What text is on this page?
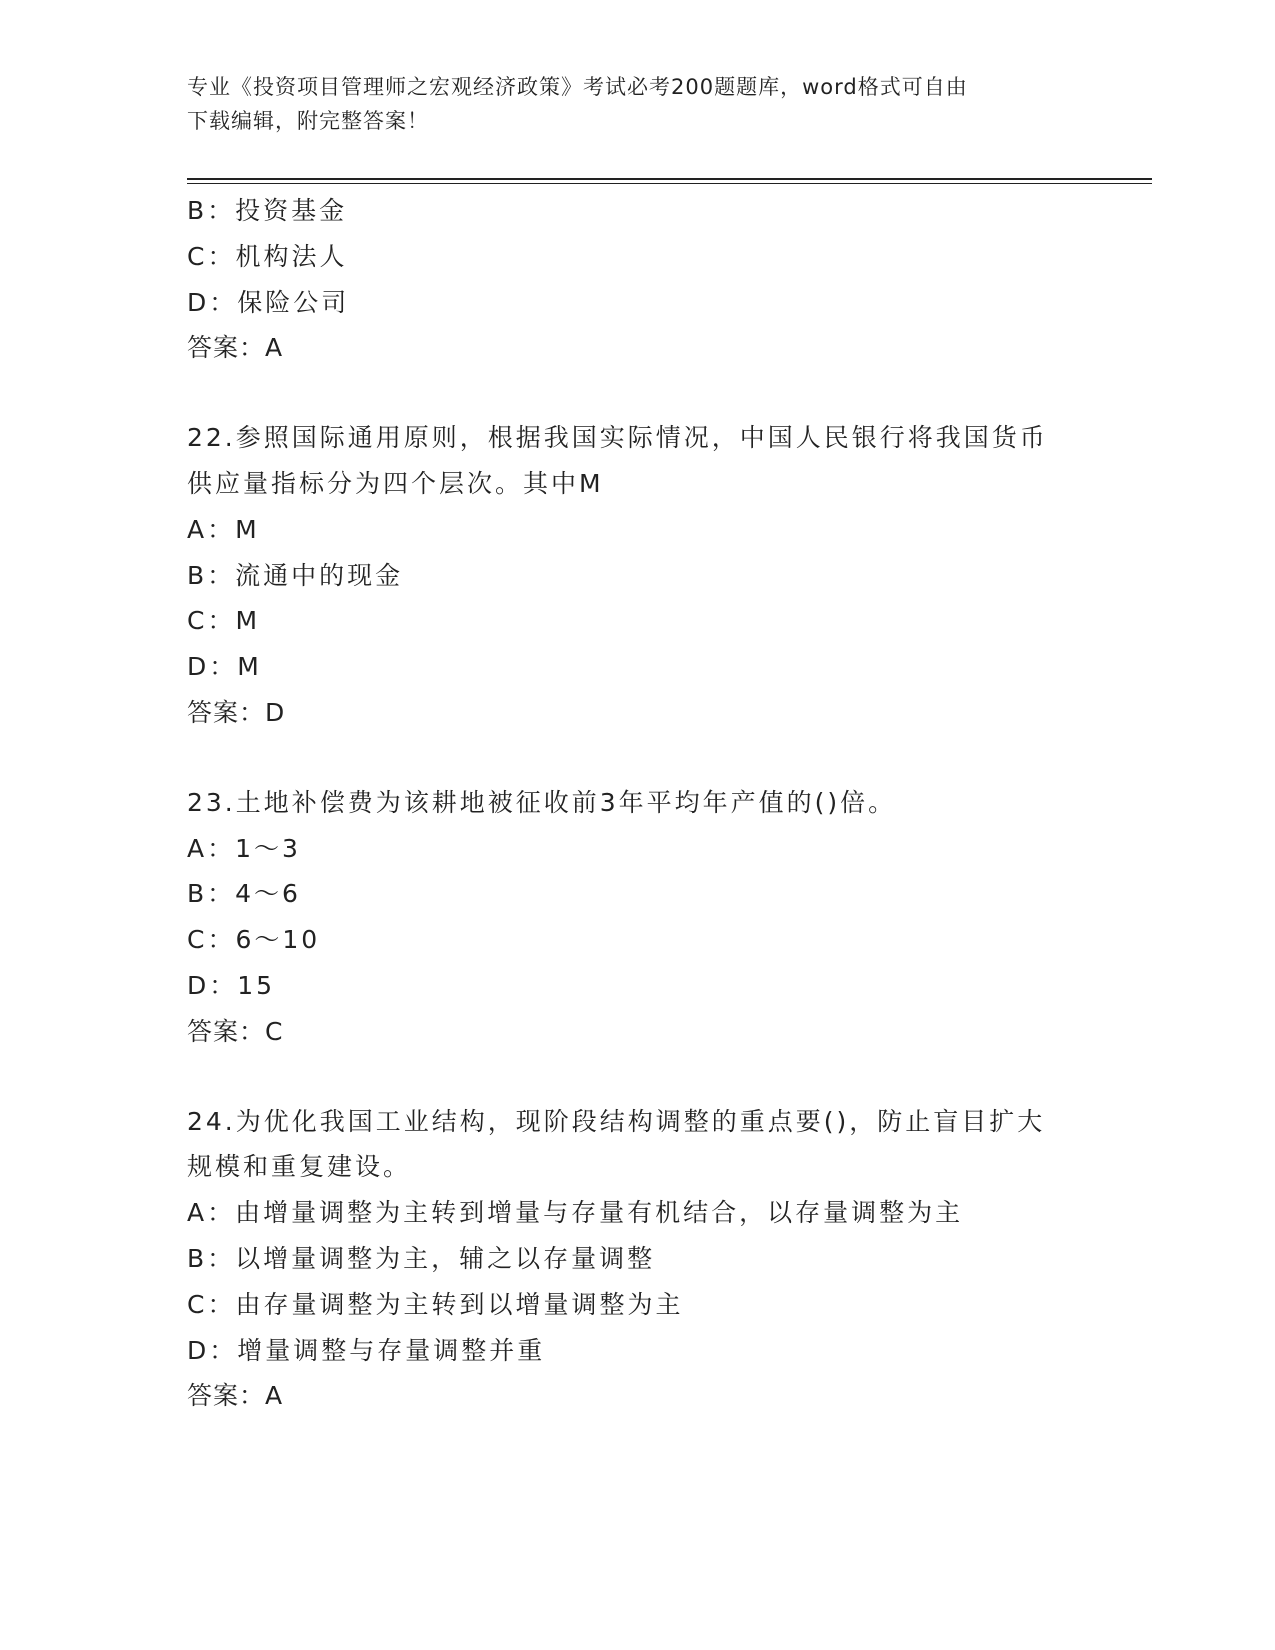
专业《投资项目管理师之宏观经济政策》考试必考200题题库，word格式可自由
下载编辑，附完整答案！
B：投资基金
C：机构法人
D：保险公司
答案：A
22.参照国际通用原则，根据我国实际情况，中国人民银行将我国货币
供应量指标分为四个层次。其中M
A：M
B：流通中的现金
C：M
D：M
答案：D
23.土地补偿费为该耕地被征收前3年平均年产值的()倍。
A：1～3
B：4～6
C：6～10
D：15
答案：C
24.为优化我国工业结构，现阶段结构调整的重点要()，防止盲目扩大
规模和重复建设。
A：由增量调整为主转到增量与存量有机结合，以存量调整为主
B：以增量调整为主，辅之以存量调整
C：由存量调整为主转到以增量调整为主
D：增量调整与存量调整并重
答案：A
